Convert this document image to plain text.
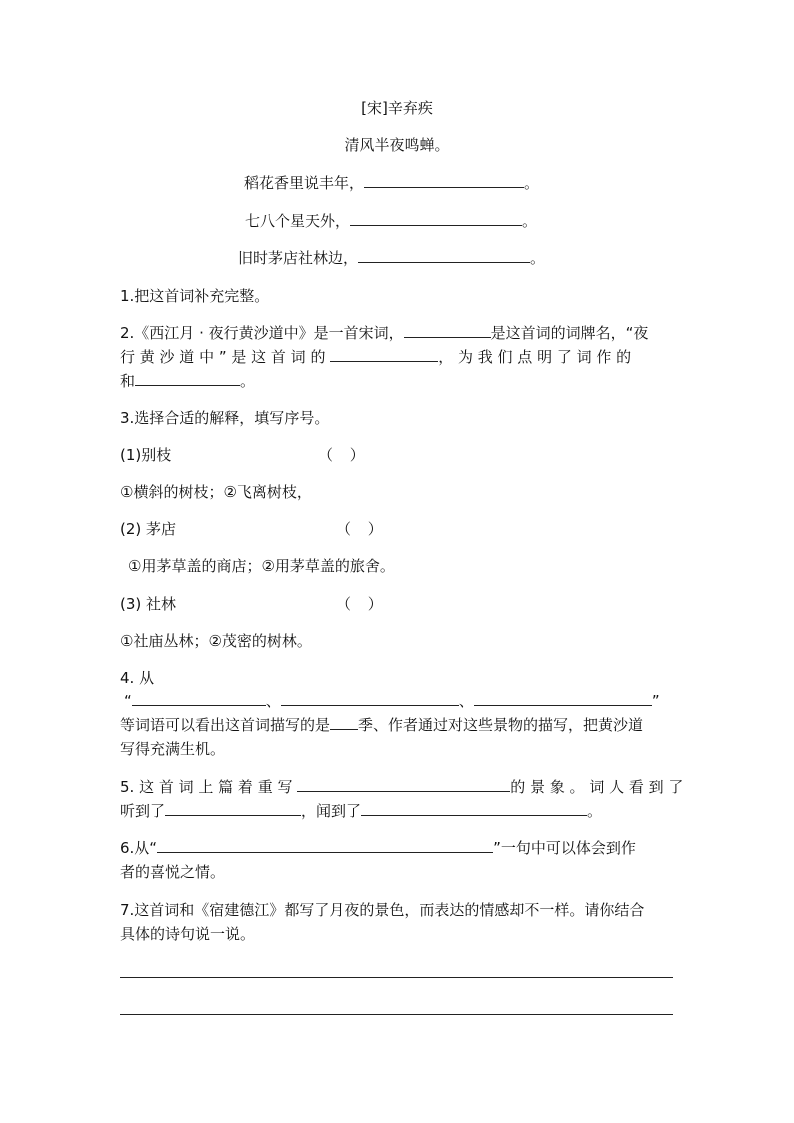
[宋]辛弃疾
清风半夜鸣蝉。
稻花香里说丰年，	。
七八个星天外，	。
旧时茅店社林边，	。
1.把这首词补充完整。
2.《西江月 · 夜行黄沙道中》是一首宋词，	是这首词的词牌名，“夜
行 黄 沙 道 中 ” 是 这 首 词 的	， 为 我 们 点 明 了 词 作 的
和	。
3.选择合适的解释，填写序号。
(1)别枝	（ ）
①横斜的树枝；②飞离树枝，
(2) 茅店	（ ）
①用茅草盖的商店；②用茅草盖的旅舍。
(3) 社林	（ ）
①社庙丛林；②茂密的树林。
4. 从
“	、	、	”
等词语可以看出这首词描写的是 季、作者通过对这些景物的描写，把黄沙道
写得充满生机。
5. 这 首 词 上 篇 着 重 写	的 景 象 。 词 人 看 到 了
听到了	，闻到了	。
6.从“	”一句中可以体会到作
者的喜悦之情。
7.这首词和《宿建德江》都写了月夜的景色，而表达的情感却不一样。请你结合
具体的诗句说一说。
